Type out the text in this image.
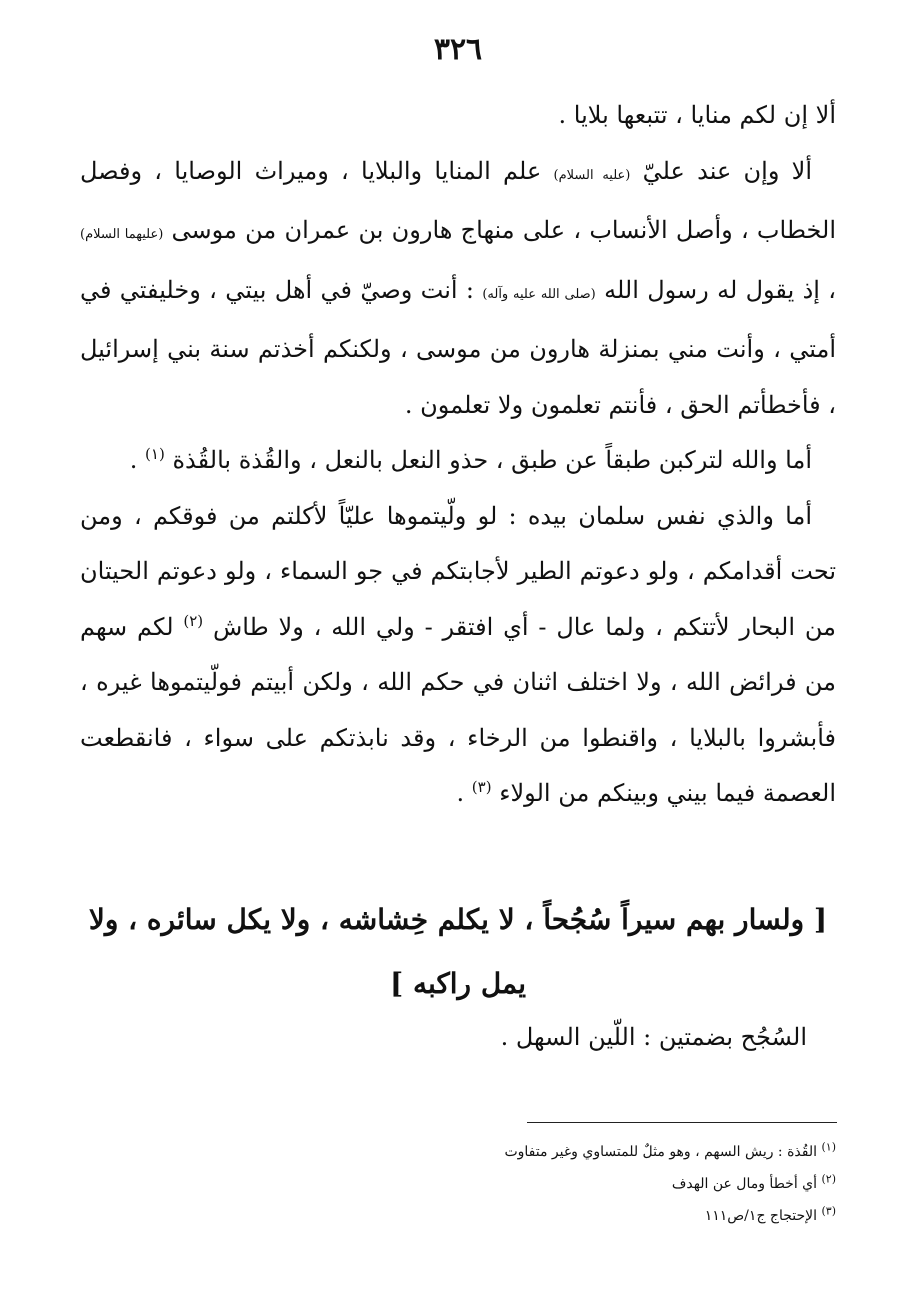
٣٢٦

ألا إن لكم منايا ، تتبعها بلايا .

ألا وإن عند عليّ (عليه السلام) علم المنايا والبلايا ، وميراث الوصايا ، وفصل الخطاب ، وأصل الأنساب ، على منهاج هارون بن عمران من موسى (عليهما السلام) ، إذ يقول له رسول الله (صلى الله عليه وآله) : أنت وصيّ في أهل بيتي ، وخليفتي في أمتي ، وأنت مني بمنزلة هارون من موسى ، ولكنكم أخذتم سنة بني إسرائيل ، فأخطأتم الحق ، فأنتم تعلمون ولا تعلمون .

أما والله لتركبن طبقاً عن طبق ، حذو النعل بالنعل ، والقُذة بالقُذة $^{(١)}$ .

أما والذي نفس سلمان بيده : لو ولّيتموها عليّاً لأكلتم من فوقكم ، ومن تحت أقدامكم ، ولو دعوتم الطير لأجابتكم في جو السماء ، ولو دعوتم الحيتان من البحار لأتتكم ، ولما عال - أي افتقر - ولي الله ، ولا طاش $^{(٢)}$ لكم سهم من فرائض الله ، ولا اختلف اثنان في حكم الله ، ولكن أبيتم فولّيتموها غيره ، فأبشروا بالبلايا ، واقنطوا من الرخاء ، وقد نابذتكم على سواء ، فانقطعت العصمة فيما بيني وبينكم من الولاء $^{(٣)}$ .

[ ولسار بهم سيراً سُجُحاً ، لا يكلم خِشاشه ، ولا يكل سائره ، ولا يمل راكبه ]
السُجُح بضمتين : اللّين السهل .
$^{(١)}$ القُذة : ريش السهم ، وهو مثلٌ للمتساوي وغير متفاوت
$^{(٢)}$ أي أخطأ ومال عن الهدف
$^{(٣)}$ الإحتجاج ج١/ص١١١
